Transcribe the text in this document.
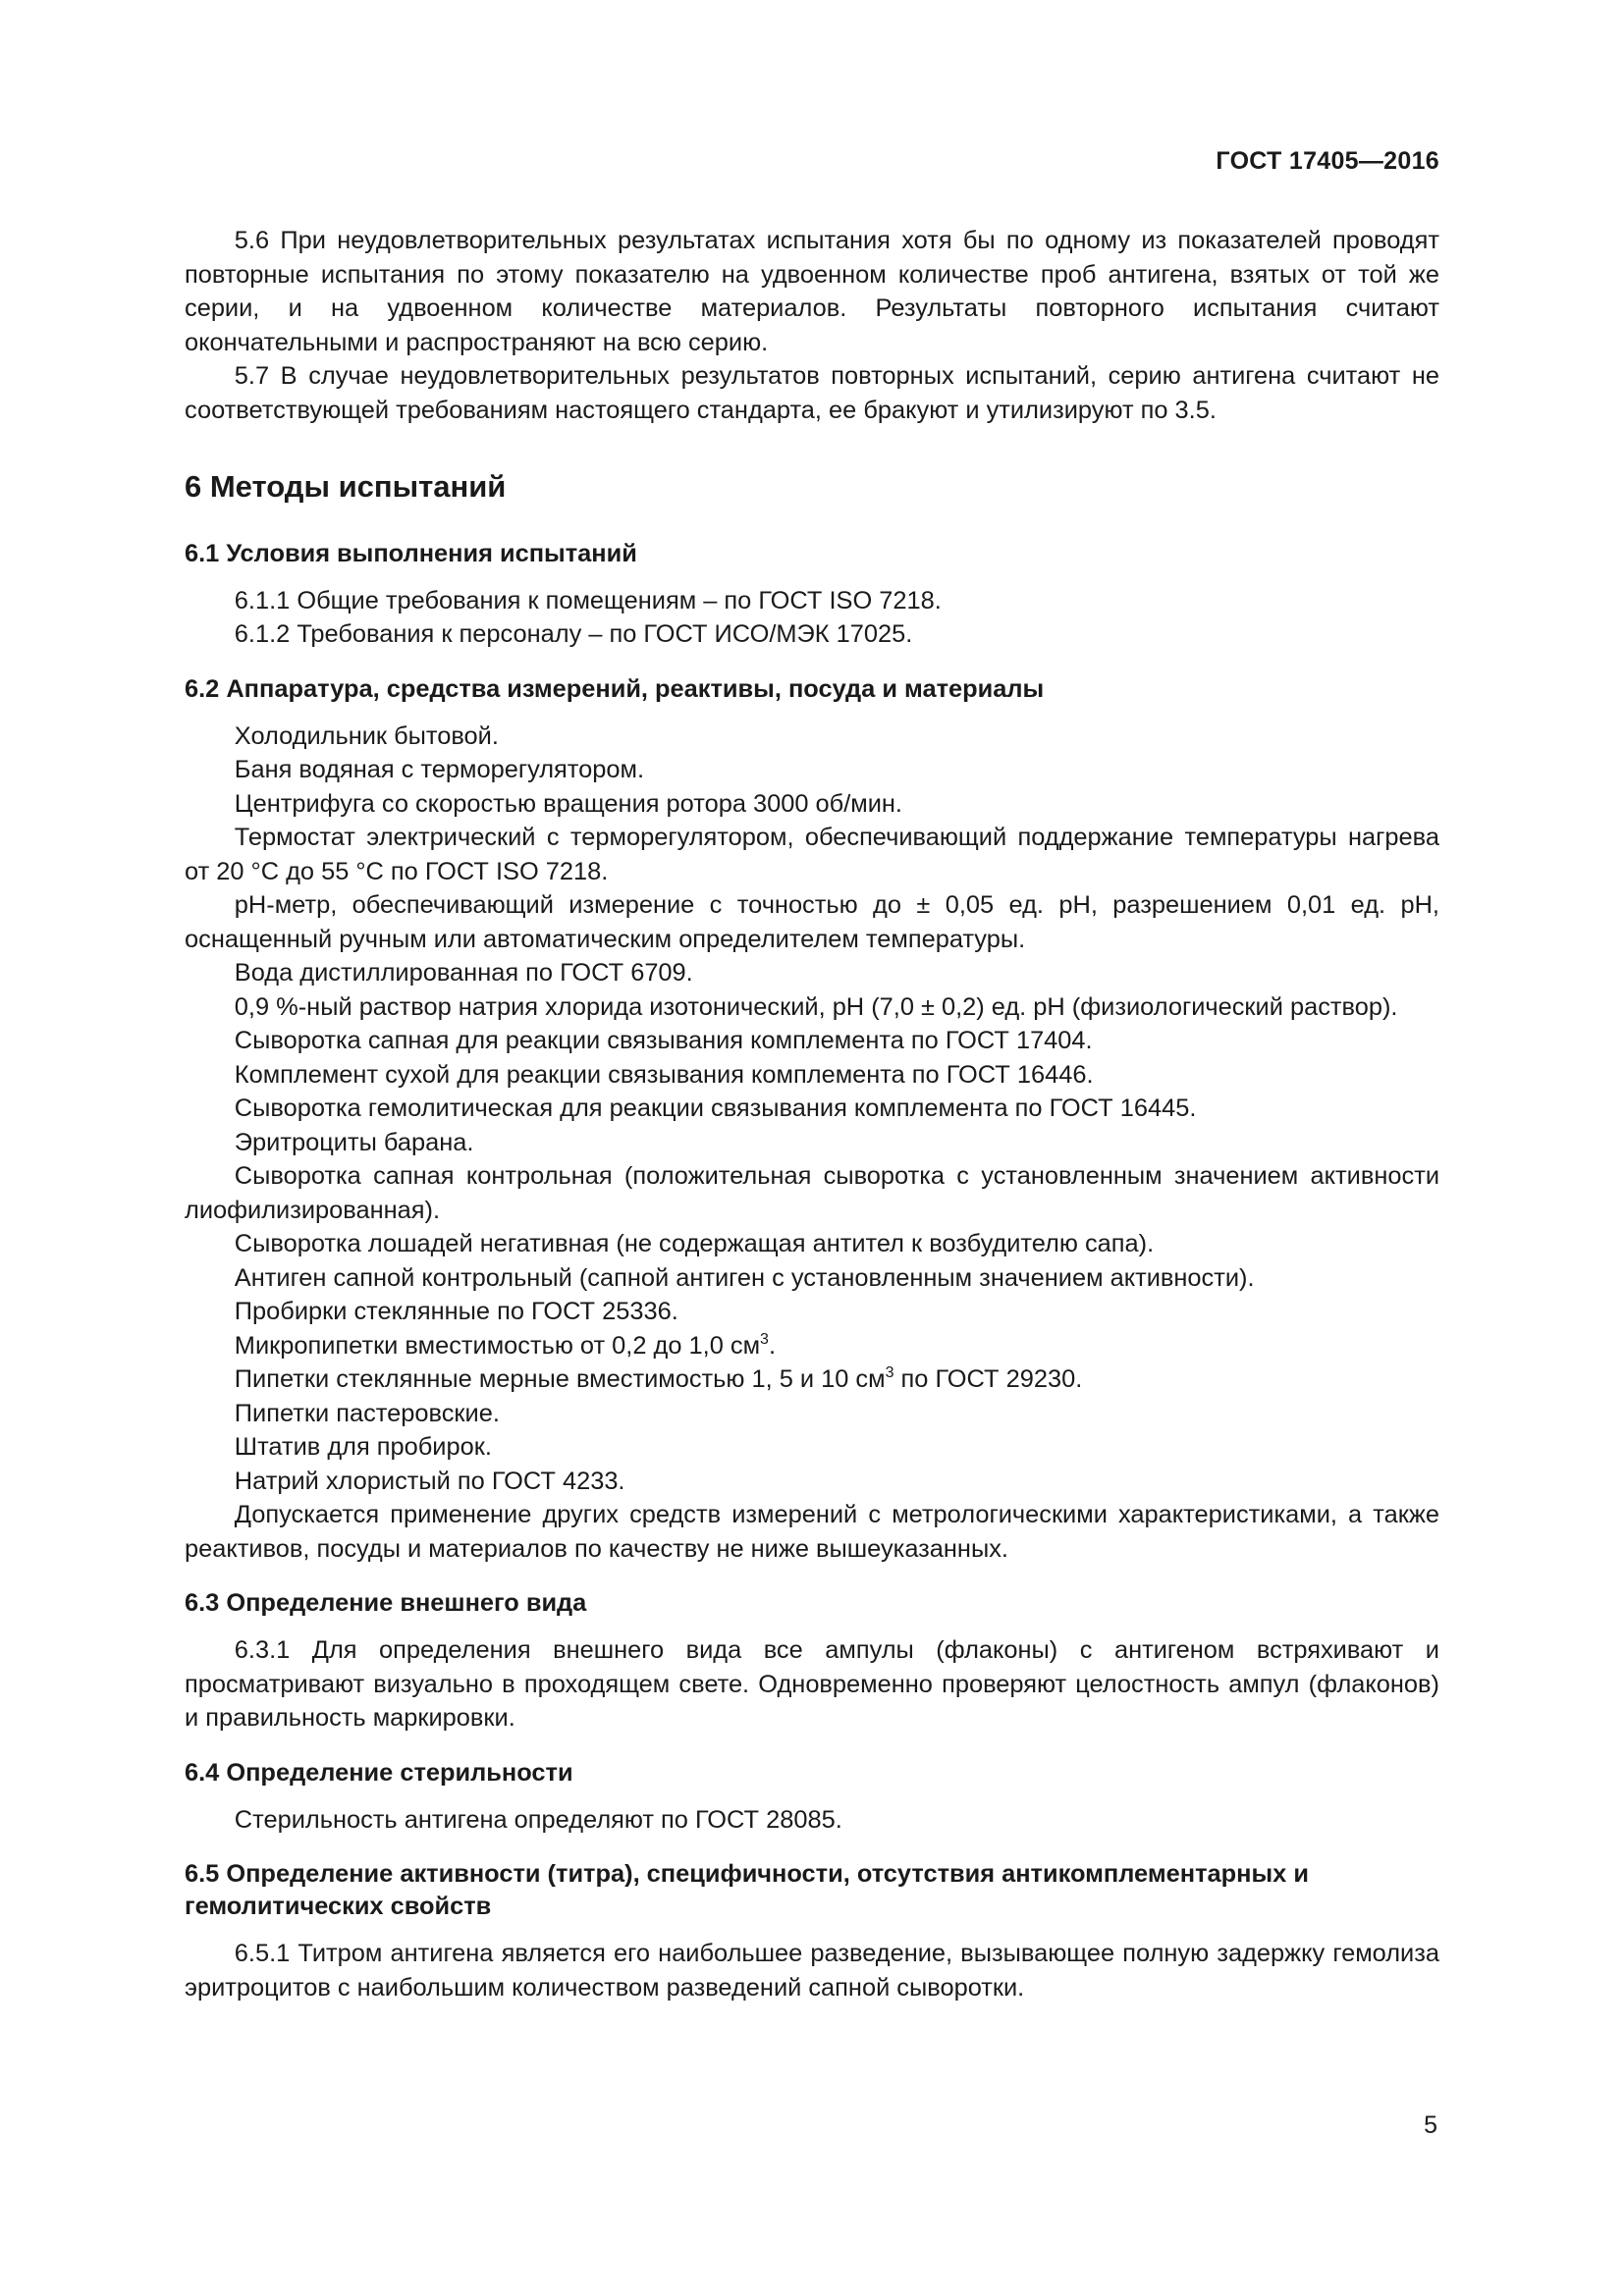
ГОСТ 17405—2016

5.6 При неудовлетворительных результатах испытания хотя бы по одному из показателей проводят повторные испытания по этому показателю на удвоенном количестве проб антигена, взятых от той же серии, и на удвоенном количестве материалов. Результаты повторного испытания считают окончательными и распространяют на всю серию.

5.7 В случае неудовлетворительных результатов повторных испытаний, серию антигена считают не соответствующей требованиям настоящего стандарта, ее бракуют и утилизируют по 3.5.

6 Методы испытаний
6.1 Условия выполнения испытаний

6.1.1 Общие требования к помещениям – по ГОСТ ISO 7218.

6.1.2 Требования к персоналу – по ГОСТ ИСО/МЭК 17025.

6.2 Аппаратура, средства измерений, реактивы, посуда и материалы

Холодильник бытовой.

Баня водяная с терморегулятором.

Центрифуга со скоростью вращения ротора 3000 об/мин.

Термостат электрический с терморегулятором, обеспечивающий поддержание температуры нагрева от 20 °С до 55 °С по ГОСТ ISO 7218.

рН-метр, обеспечивающий измерение с точностью до ± 0,05 ед. рН, разрешением 0,01 ед. рН, оснащенный ручным или автоматическим определителем температуры.

Вода дистиллированная по ГОСТ 6709.

0,9 %-ный раствор натрия хлорида изотонический, рН (7,0 ± 0,2) ед. рН (физиологический раствор).

Сыворотка сапная для реакции связывания комплемента по ГОСТ 17404.

Комплемент сухой для реакции связывания комплемента по ГОСТ 16446.

Сыворотка гемолитическая для реакции связывания комплемента по ГОСТ 16445.

Эритроциты барана.

Сыворотка сапная контрольная (положительная сыворотка с установленным значением активности лиофилизированная).

Сыворотка лошадей негативная (не содержащая антител к возбудителю сапа).

Антиген сапной контрольный (сапной антиген с установленным значением активности).

Пробирки стеклянные по ГОСТ 25336.

Микропипетки вместимостью от 0,2 до 1,0 $см^3$.

Пипетки стеклянные мерные вместимостью 1, 5 и 10 $см^3$ по ГОСТ 29230.

Пипетки пастеровские.

Штатив для пробирок.

Натрий хлористый по ГОСТ 4233.

Допускается применение других средств измерений с метрологическими характеристиками, а также реактивов, посуды и материалов по качеству не ниже вышеуказанных.

6.3 Определение внешнего вида

6.3.1 Для определения внешнего вида все ампулы (флаконы) с антигеном встряхивают и просматривают визуально в проходящем свете. Одновременно проверяют целостность ампул (флаконов) и правильность маркировки.

6.4 Определение стерильности

Стерильность антигена определяют по ГОСТ 28085.

6.5 Определение активности (титра), специфичности, отсутствия антикомплементарных и гемолитических свойств

6.5.1 Титром антигена является его наибольшее разведение, вызывающее полную задержку гемолиза эритроцитов с наибольшим количеством разведений сапной сыворотки.

5
